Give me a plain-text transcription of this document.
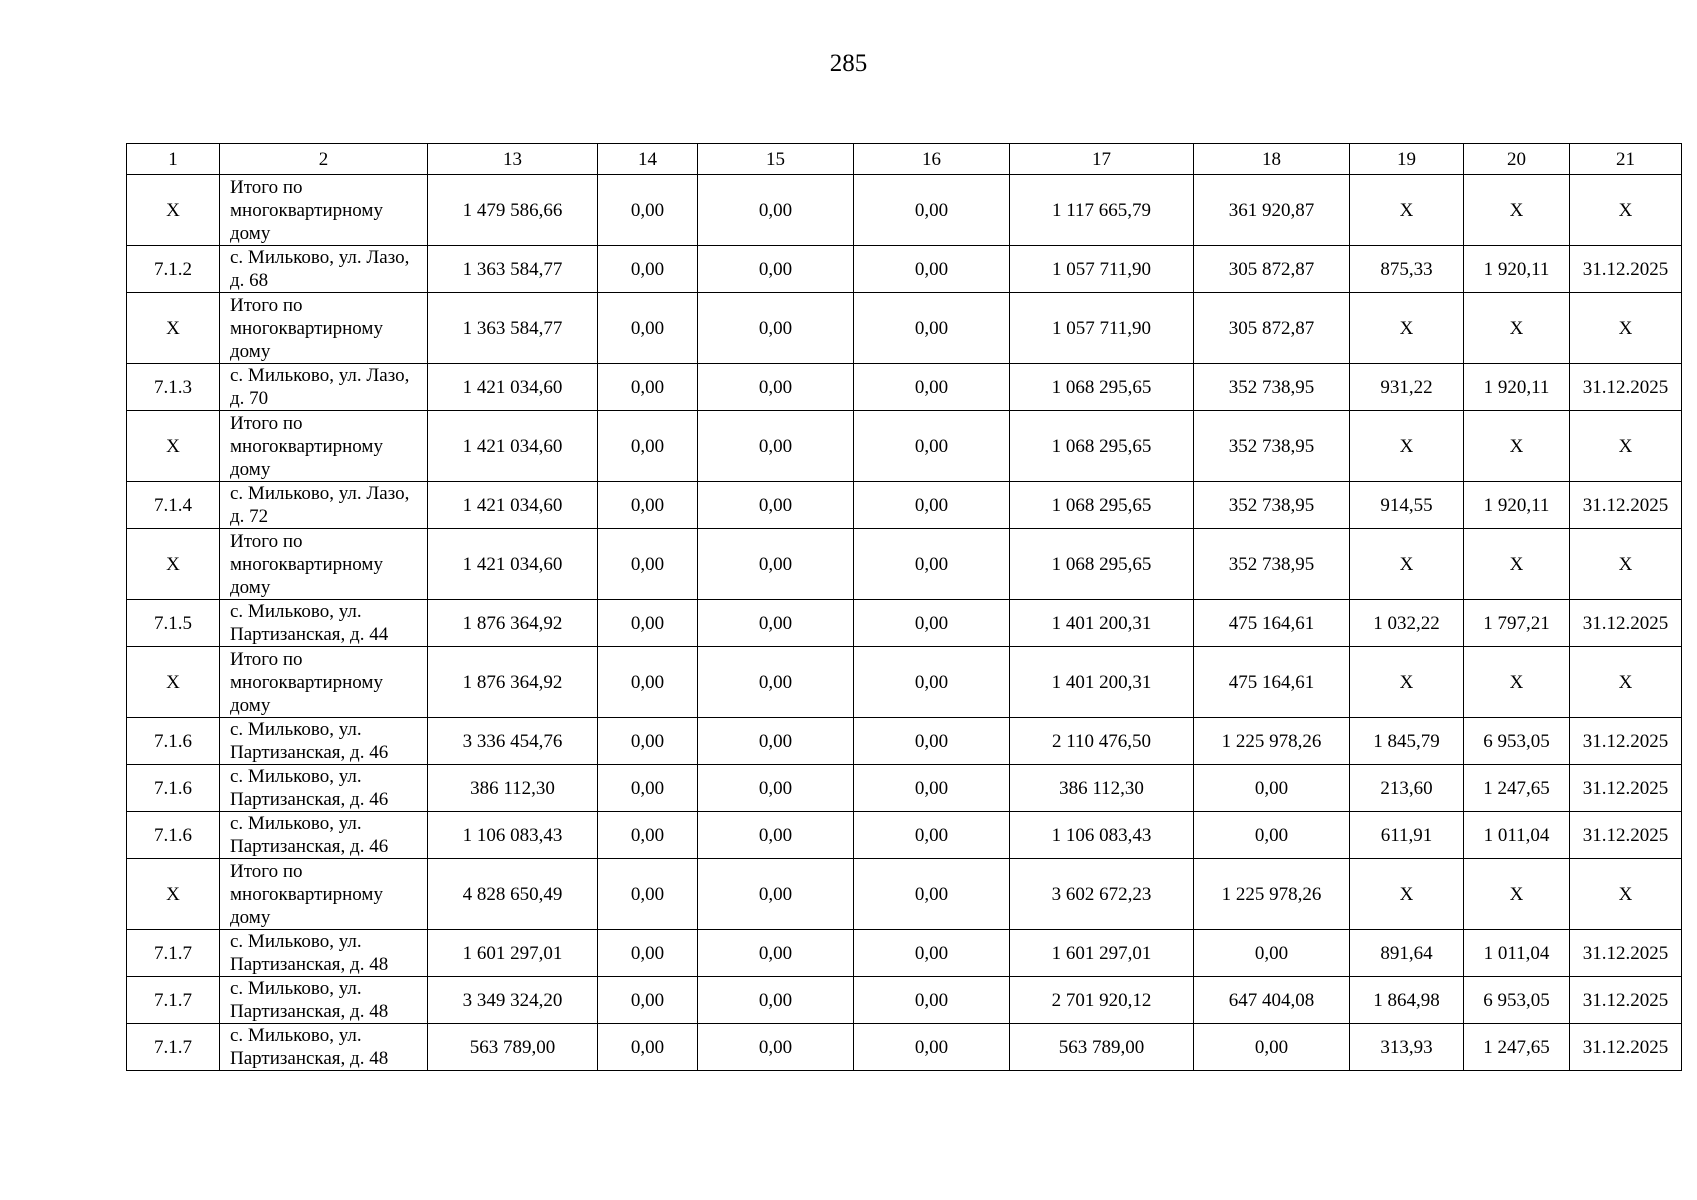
285
1	2	13	14	15	16	17	18	19	20	21
X	Итого по многоквартирному дому	1 479 586,66	0,00	0,00	0,00	1 117 665,79	361 920,87	X	X	X
7.1.2	с. Мильково, ул. Лазо, д. 68	1 363 584,77	0,00	0,00	0,00	1 057 711,90	305 872,87	875,33	1 920,11	31.12.2025
X	Итого по многоквартирному дому	1 363 584,77	0,00	0,00	0,00	1 057 711,90	305 872,87	X	X	X
7.1.3	с. Мильково, ул. Лазо, д. 70	1 421 034,60	0,00	0,00	0,00	1 068 295,65	352 738,95	931,22	1 920,11	31.12.2025
X	Итого по многоквартирному дому	1 421 034,60	0,00	0,00	0,00	1 068 295,65	352 738,95	X	X	X
7.1.4	с. Мильково, ул. Лазо, д. 72	1 421 034,60	0,00	0,00	0,00	1 068 295,65	352 738,95	914,55	1 920,11	31.12.2025
X	Итого по многоквартирному дому	1 421 034,60	0,00	0,00	0,00	1 068 295,65	352 738,95	X	X	X
7.1.5	с. Мильково, ул. Партизанская, д. 44	1 876 364,92	0,00	0,00	0,00	1 401 200,31	475 164,61	1 032,22	1 797,21	31.12.2025
X	Итого по многоквартирному дому	1 876 364,92	0,00	0,00	0,00	1 401 200,31	475 164,61	X	X	X
7.1.6	с. Мильково, ул. Партизанская, д. 46	3 336 454,76	0,00	0,00	0,00	2 110 476,50	1 225 978,26	1 845,79	6 953,05	31.12.2025
7.1.6	с. Мильково, ул. Партизанская, д. 46	386 112,30	0,00	0,00	0,00	386 112,30	0,00	213,60	1 247,65	31.12.2025
7.1.6	с. Мильково, ул. Партизанская, д. 46	1 106 083,43	0,00	0,00	0,00	1 106 083,43	0,00	611,91	1 011,04	31.12.2025
X	Итого по многоквартирному дому	4 828 650,49	0,00	0,00	0,00	3 602 672,23	1 225 978,26	X	X	X
7.1.7	с. Мильково, ул. Партизанская, д. 48	1 601 297,01	0,00	0,00	0,00	1 601 297,01	0,00	891,64	1 011,04	31.12.2025
7.1.7	с. Мильково, ул. Партизанская, д. 48	3 349 324,20	0,00	0,00	0,00	2 701 920,12	647 404,08	1 864,98	6 953,05	31.12.2025
7.1.7	с. Мильково, ул. Партизанская, д. 48	563 789,00	0,00	0,00	0,00	563 789,00	0,00	313,93	1 247,65	31.12.2025
